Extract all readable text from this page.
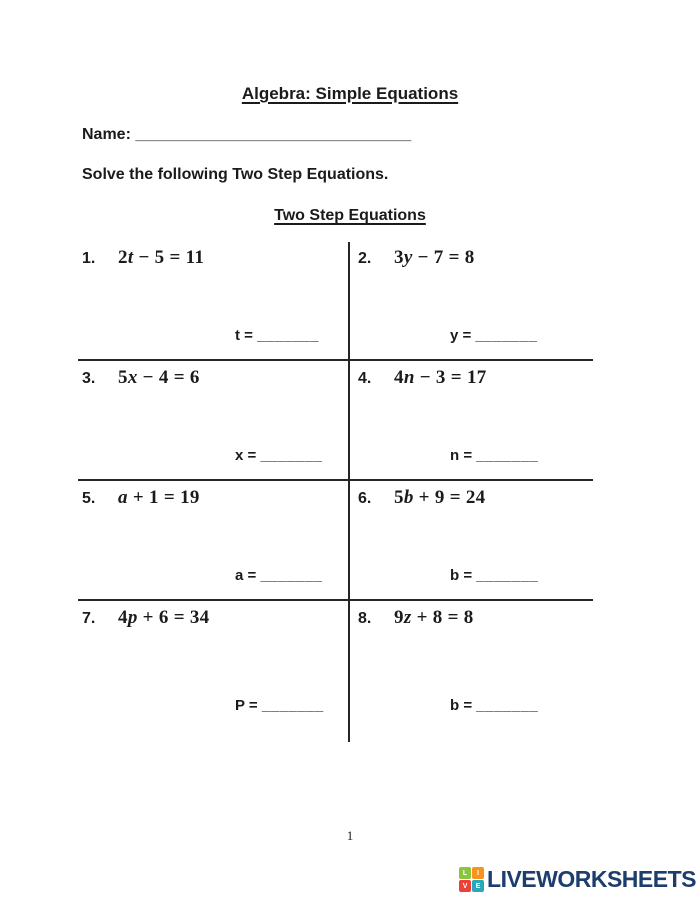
Algebra: Simple Equations
Name: _______________________________
Solve the following Two Step Equations.
Two Step Equations
1.	2t − 5 = 11
t = _______
2.	3y − 7 = 8
y = _______
3.	5x − 4 = 6
x = _______
4.	4n − 3 = 17
n = _______
5.	a + 1 = 19
a = _______
6.	5b + 9 = 24
b = _______
7.	4p + 6 = 34
P = _______
8.	9z + 8 = 8
b = _______
1
L	I
V	E LIVEWORKSHEETS
